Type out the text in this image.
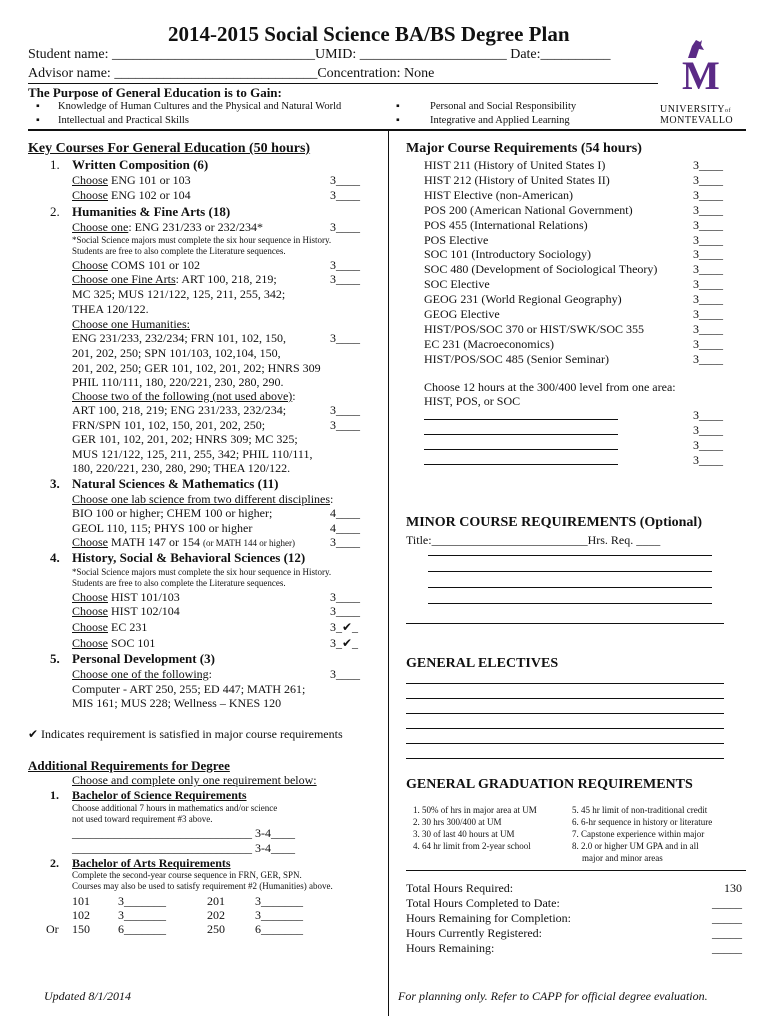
2014-2015 Social Science BA/BS Degree Plan
Student name: _____________________________UMID: _____________________ Date:__________
Advisor name: _____________________________Concentration: None
The Purpose of General Education is to Gain:
▪ Knowledge of Human Cultures and the Physical and Natural World
▪ Intellectual and Practical Skills
▪	Personal and Social Responsibility
▪	Integrative and Applied Learning
M
UNIVERSITYof
MONTEVALLO
Key Courses For General Education (50 hours)
1. Written Composition (6)
Choose ENG 101 or 103	3____
Choose ENG 102 or 104	3____
2. Humanities & Fine Arts (18)
Choose one: ENG 231/233 or 232/234*	3____
*Social Science majors must complete the six hour sequence in History.
Students are free to also complete the Literature sequences.
Choose COMS 101 or 102	3____
Choose one Fine Arts: ART 100, 218, 219;	3____
MC 325; MUS 121/122, 125, 211, 255, 342;
THEA 120/122.
Choose one Humanities:
ENG 231/233, 232/234; FRN 101, 102, 150,	3____
201, 202, 250; SPN 101/103, 102,104, 150,
201, 202, 250; GER 101, 102, 201, 202; HNRS 309
PHIL 110/111, 180, 220/221, 230, 280, 290.
Choose two of the following (not used above):
ART 100, 218, 219; ENG 231/233, 232/234;	3____
FRN/SPN 101, 102, 150, 201, 202, 250;	3____
GER 101, 102, 201, 202; HNRS 309; MC 325;
MUS 121/122, 125, 211, 255, 342; PHIL 110/111,
180, 220/221, 230, 280, 290; THEA 120/122.
3. Natural Sciences & Mathematics (11)
Choose one lab science from two different disciplines:
BIO 100 or higher; CHEM 100 or higher;	4____
GEOL 110, 115; PHYS 100 or higher	4____
Choose MATH 147 or 154 (or MATH 144 or higher)	3____
4. History, Social & Behavioral Sciences (12)
*Social Science majors must complete the six hour sequence in History.
Students are free to also complete the Literature sequences.
Choose HIST 101/103	3____
Choose HIST 102/104	3____
Choose EC 231	3_✔_
Choose SOC 101	3_✔_
5. Personal Development (3)
Choose one of the following:	3____
Computer - ART 250, 255; ED 447; MATH 261;
MIS 161; MUS 228; Wellness – KNES 120
✔ Indicates requirement is satisfied in major course requirements
Additional Requirements for Degree
Choose and complete only one requirement below:
1. Bachelor of Science Requirements
Choose additional 7 hours in mathematics and/or science
not used toward requirement #3 above.
______________________________ 3-4____
______________________________ 3-4____
2. Bachelor of Arts Requirements
Complete the second-year course sequence in FRN, GER, SPN.
Courses may also be used to satisfy requirement #2 (Humanities) above.
101 3_______	201	3_______
102 3_______	202	3_______
Or 150 6_______	250	6_______
Major Course Requirements (54 hours)
HIST 211 (History of United States I)	3____
HIST 212 (History of United States II)	3____
HIST Elective (non-American)	3____
POS 200 (American National Government)	3____
POS 455 (International Relations)	3____
POS Elective	3____
SOC 101 (Introductory Sociology)	3____
SOC 480 (Development of Sociological Theory)	3____
SOC Elective	3____
GEOG 231 (World Regional Geography)	3____
GEOG Elective	3____
HIST/POS/SOC 370 or HIST/SWK/SOC 355	3____
EC 231 (Macroeconomics)	3____
HIST/POS/SOC 485 (Senior Seminar)	3____
Choose 12 hours at the 300/400 level from one area:
HIST, POS, or SOC
3____
3____
3____
3____
MINOR COURSE REQUIREMENTS (Optional)
Title:__________________________Hrs. Req. ____
GENERAL ELECTIVES
GENERAL GRADUATION REQUIREMENTS
1. 50% of hrs in major area at UM
2. 30 hrs 300/400 at UM
3. 30 of last 40 hours at UM
4. 64 hr limit from 2-year school
5. 45 hr limit of non-traditional credit
6. 6-hr sequence in history or literature
7. Capstone experience within major
8. 2.0 or higher UM GPA and in all
major and minor areas
Total Hours Required:	130
Total Hours Completed to Date:	_____
Hours Remaining for Completion:	_____
Hours Currently Registered:	_____
Hours Remaining:	_____
Updated 8/1/2014	For planning only. Refer to CAPP for official degree evaluation.
